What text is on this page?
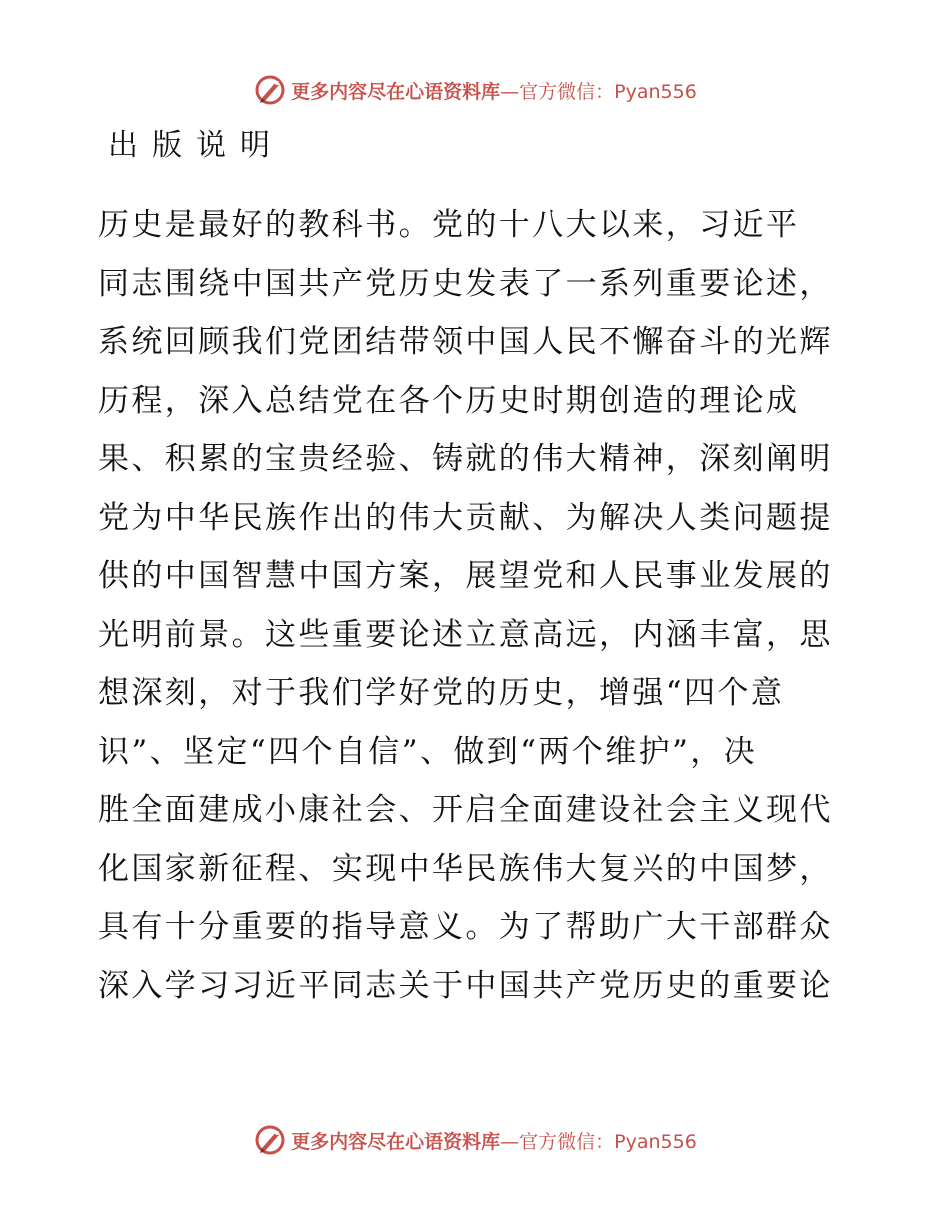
更多内容尽在心语资料库—官方微信：Pyan556
出版说明
历史是最好的教科书。党的十八大以来，习近平
同志围绕中国共产党历史发表了一系列重要论述，
系统回顾我们党团结带领中国人民不懈奋斗的光辉
历程，深入总结党在各个历史时期创造的理论成
果、积累的宝贵经验、铸就的伟大精神，深刻阐明
党为中华民族作出的伟大贡献、为解决人类问题提
供的中国智慧中国方案，展望党和人民事业发展的
光明前景。这些重要论述立意高远，内涵丰富，思
想深刻，对于我们学好党的历史，增强“四个意
识”、坚定“四个自信”、做到“两个维护”，决
胜全面建成小康社会、开启全面建设社会主义现代
化国家新征程、实现中华民族伟大复兴的中国梦，
具有十分重要的指导意义。为了帮助广大干部群众
深入学习习近平同志关于中国共产党历史的重要论
更多内容尽在心语资料库—官方微信：Pyan556
